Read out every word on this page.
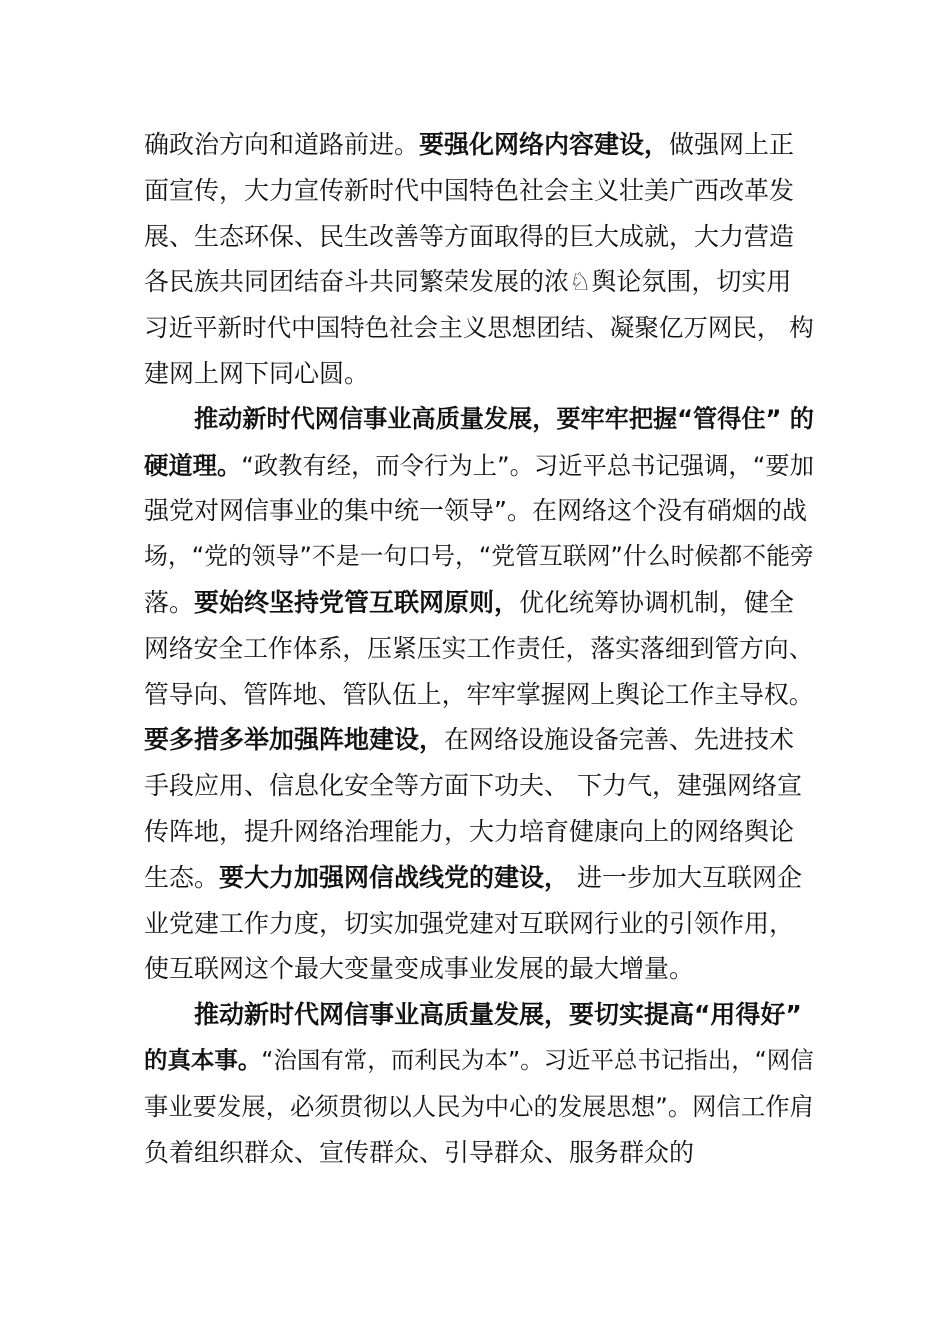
确政治方向和道路前进。要强化网络内容建设，做强网上正
面宣传，大力宣传新时代中国特色社会主义壮美广西改革发
展、生态环保、民生改善等方面取得的巨大成就，大力营造
各民族共同团结奋斗共同繁荣发展的浓♘舆论氛围，切实用
习近平新时代中国特色社会主义思想团结、凝聚亿万网民， 构
建网上网下同心圆。
推动新时代网信事业高质量发展，要牢牢把握“管得住” 的
硬道理。“政教有经，而令行为上”。习近平总书记强调，“要加
强党对网信事业的集中统一领导”。在网络这个没有硝烟的战
场，“党的领导”不是一句口号，“党管互联网”什么时候都不能旁
落。要始终坚持党管互联网原则，优化统筹协调机制，健全
网络安全工作体系，压紧压实工作责任，落实落细到管方向、
管导向、管阵地、管队伍上，牢牢掌握网上舆论工作主导权。
要多措多举加强阵地建设，在网络设施设备完善、先进技术
手段应用、信息化安全等方面下功夫、 下力气，建强网络宣
传阵地，提升网络治理能力，大力培育健康向上的网络舆论
生态。要大力加强网信战线党的建设， 进一步加大互联网企
业党建工作力度，切实加强党建对互联网行业的引领作用，
使互联网这个最大变量变成事业发展的最大增量。
推动新时代网信事业高质量发展，要切实提高“用得好”
的真本事。“治国有常，而利民为本”。习近平总书记指出，“网信
事业要发展，必须贯彻以人民为中心的发展思想”。网信工作肩
负着组织群众、宣传群众、引导群众、服务群众的
